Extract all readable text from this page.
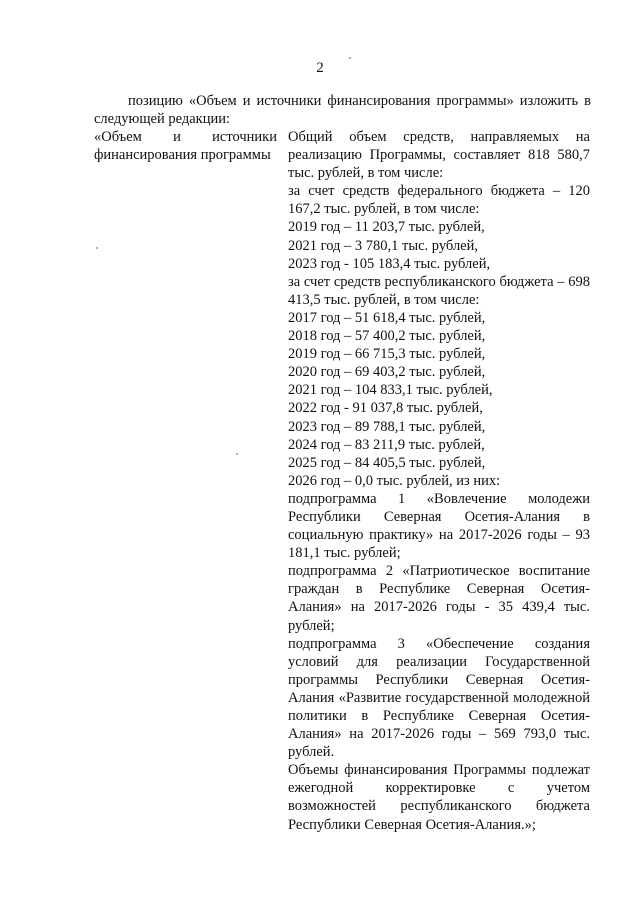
2
позицию «Объем и источники финансирования программы» изложить в следующей редакции:
«Объем и источники
финансирования программы

Общий объем средств, направляемых на реализацию Программы, составляет 818 580,7 тыс. рублей, в том числе:

за счет средств федерального бюджета – 120 167,2 тыс. рублей, в том числе:

2019 год – 11 203,7 тыс. рублей,

2021 год – 3 780,1 тыс. рублей,

2023 год - 105 183,4 тыс. рублей,

за счет средств республиканского бюджета – 698 413,5 тыс. рублей, в том числе:

2017 год – 51 618,4 тыс. рублей,

2018 год – 57 400,2 тыс. рублей,

2019 год – 66 715,3 тыс. рублей,

2020 год – 69 403,2 тыс. рублей,

2021 год – 104 833,1 тыс. рублей,

2022 год - 91 037,8 тыс. рублей,

2023 год – 89 788,1 тыс. рублей,

2024 год – 83 211,9 тыс. рублей,

2025 год – 84 405,5 тыс. рублей,

2026 год – 0,0 тыс. рублей, из них:

подпрограмма 1 «Вовлечение молодежи Республики Северная Осетия-Алания в социальную практику» на 2017-2026 годы – 93 181,1 тыс. рублей;

подпрограмма 2 «Патриотическое воспитание граждан в Республике Северная Осетия-Алания» на 2017-2026 годы - 35 439,4 тыс. рублей;

подпрограмма 3 «Обеспечение создания условий для реализации Государственной программы Республики Северная Осетия-Алания «Развитие государственной молодежной политики в Республике Северная Осетия-Алания» на 2017-2026 годы – 569 793,0 тыс. рублей.

Объемы финансирования Программы подлежат ежегодной корректировке с учетом возможностей республиканского бюджета Республики Северная Осетия-Алания.»;
